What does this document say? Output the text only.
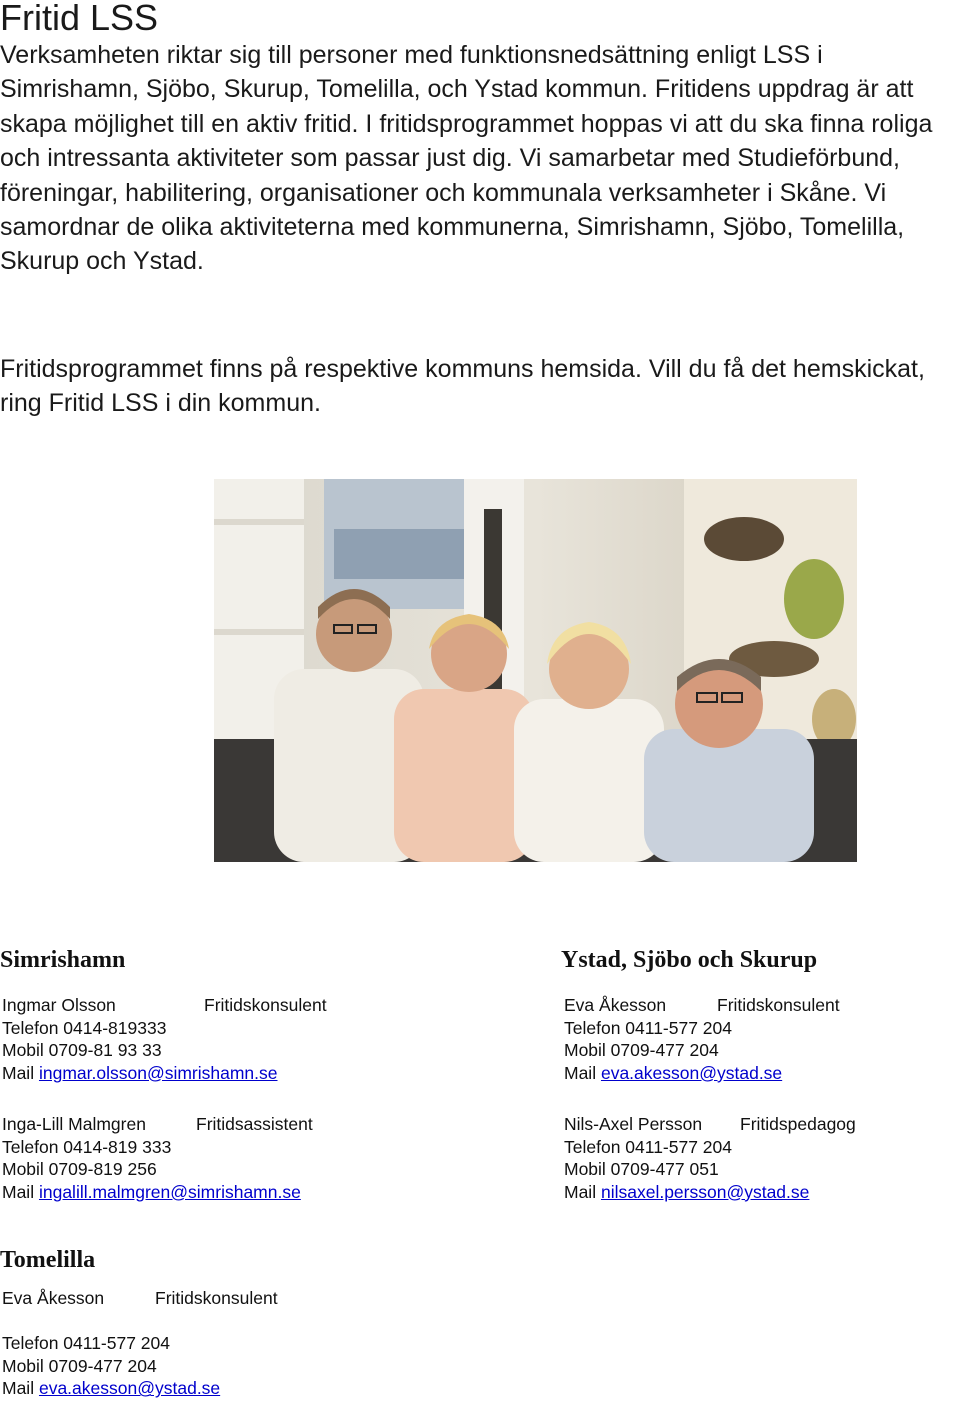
Fritid LSS

Verksamheten riktar sig till personer med funktionsnedsättning enligt LSS i Simrishamn, Sjöbo, Skurup, Tomelilla, och Ystad kommun. Fritidens uppdrag är att skapa möjlighet till en aktiv fritid. I fritidsprogrammet hoppas vi att du ska finna roliga och intressanta aktiviteter som passar just dig. Vi samarbetar med Studieförbund, föreningar, habilitering, organisationer och kommunala verksamheter i Skåne. Vi samordnar de olika aktiviteterna med kommunerna, Simrishamn, Sjöbo, Tomelilla, Skurup och Ystad.

Fritidsprogrammet finns på respektive kommuns hemsida. Vill du få det hemskickat, ring Fritid LSS i din kommun.

Simrishamn
Ingmar Olsson	Fritidskonsulent
Telefon 0414-819333
Mobil 0709-81 93 33
Mail ingmar.olsson@simrishamn.se
Inga-Lill Malmgren	Fritidsassistent
Telefon 0414-819 333
Mobil 0709-819 256
Mail ingalill.malmgren@simrishamn.se
Ystad, Sjöbo och Skurup
Eva Åkesson	Fritidskonsulent
Telefon 0411-577 204
Mobil 0709-477 204
Mail eva.akesson@ystad.se
Nils-Axel Persson Fritidspedagog
Telefon 0411-577 204
Mobil 0709-477 051
Mail nilsaxel.persson@ystad.se
Tomelilla
Eva Åkesson	Fritidskonsulent
Telefon 0411-577 204
Mobil 0709-477 204
Mail eva.akesson@ystad.se
